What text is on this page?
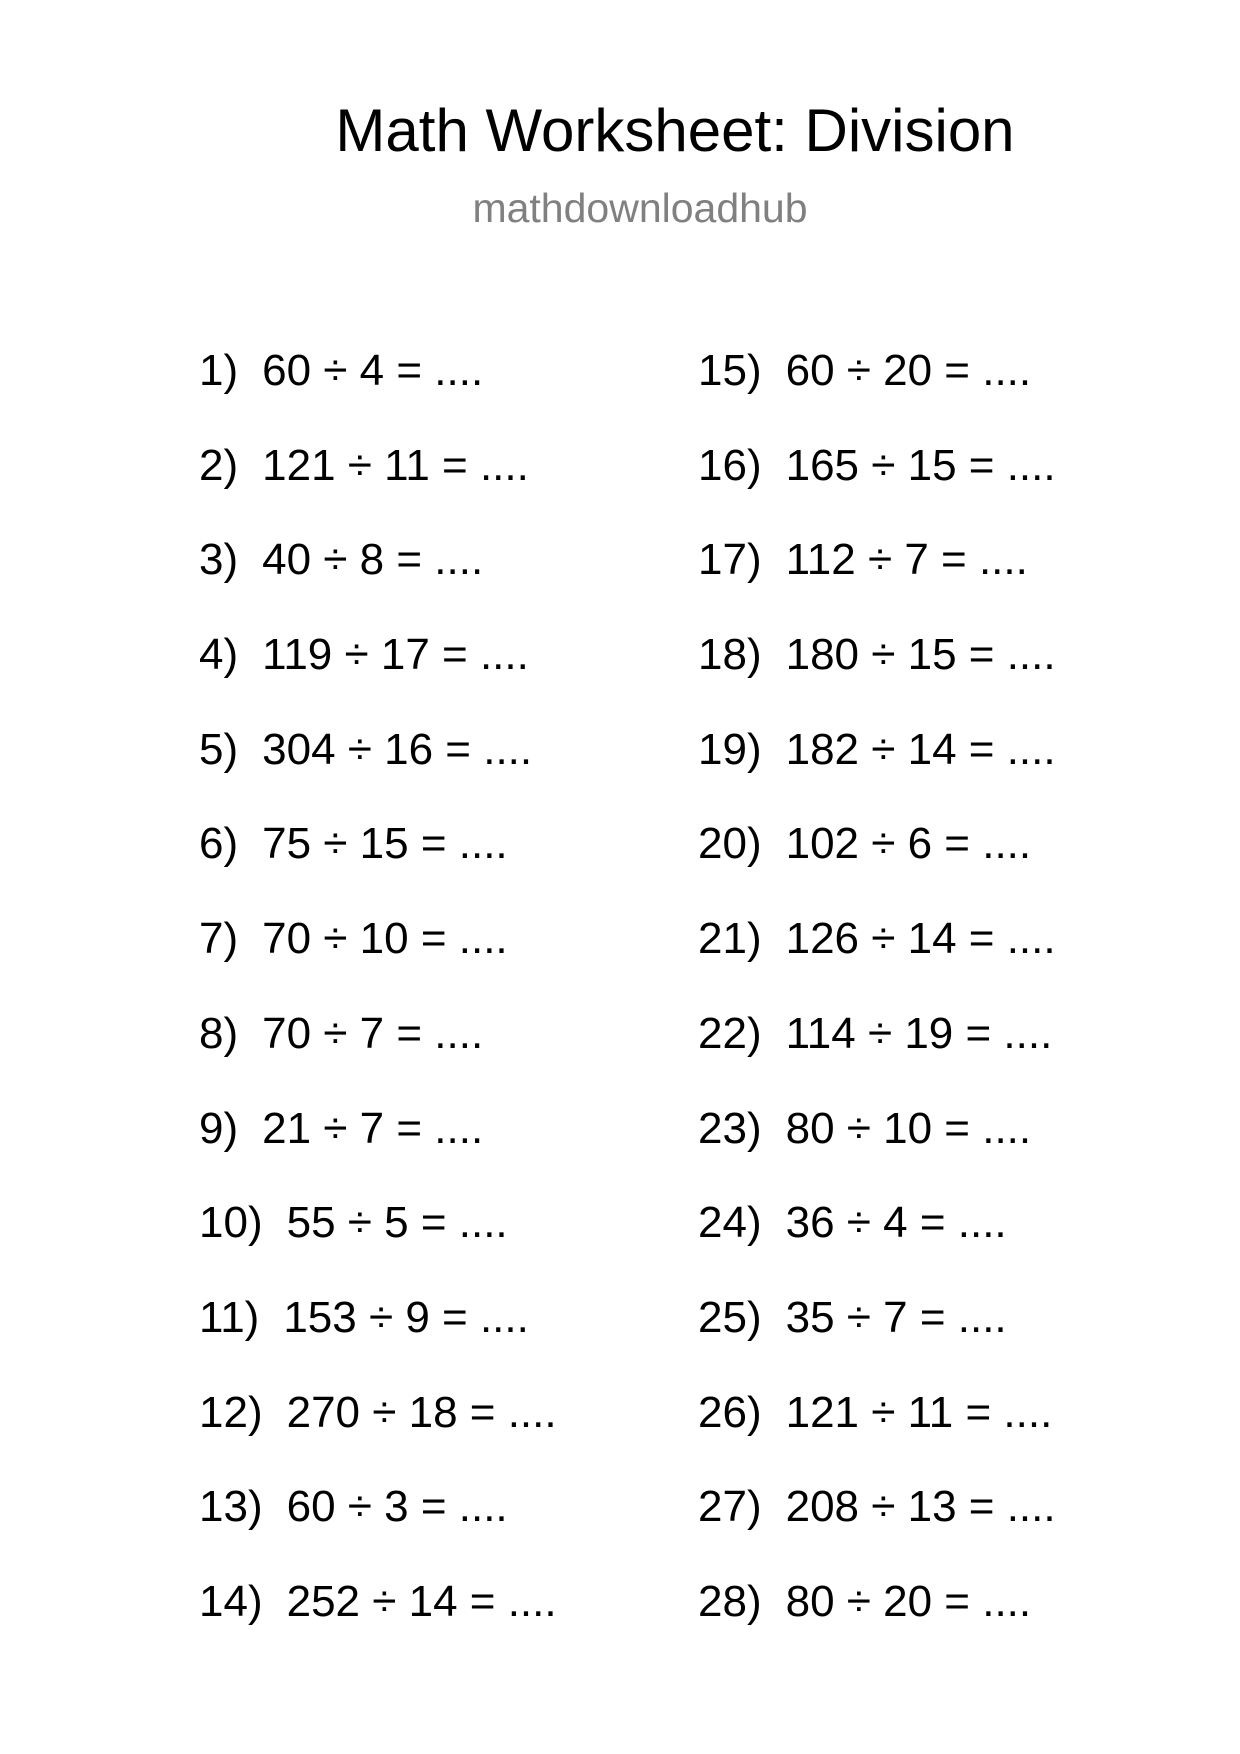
Math Worksheet: Division
mathdownloadhub
1) 60 ÷ 4 = ....
2) 121 ÷ 11 = ....
3) 40 ÷ 8 = ....
4) 119 ÷ 17 = ....
5) 304 ÷ 16 = ....
6) 75 ÷ 15 = ....
7) 70 ÷ 10 = ....
8) 70 ÷ 7 = ....
9) 21 ÷ 7 = ....
10) 55 ÷ 5 = ....
11) 153 ÷ 9 = ....
12) 270 ÷ 18 = ....
13) 60 ÷ 3 = ....
14) 252 ÷ 14 = ....
15) 60 ÷ 20 = ....
16) 165 ÷ 15 = ....
17) 112 ÷ 7 = ....
18) 180 ÷ 15 = ....
19) 182 ÷ 14 = ....
20) 102 ÷ 6 = ....
21) 126 ÷ 14 = ....
22) 114 ÷ 19 = ....
23) 80 ÷ 10 = ....
24) 36 ÷ 4 = ....
25) 35 ÷ 7 = ....
26) 121 ÷ 11 = ....
27) 208 ÷ 13 = ....
28) 80 ÷ 20 = ....
